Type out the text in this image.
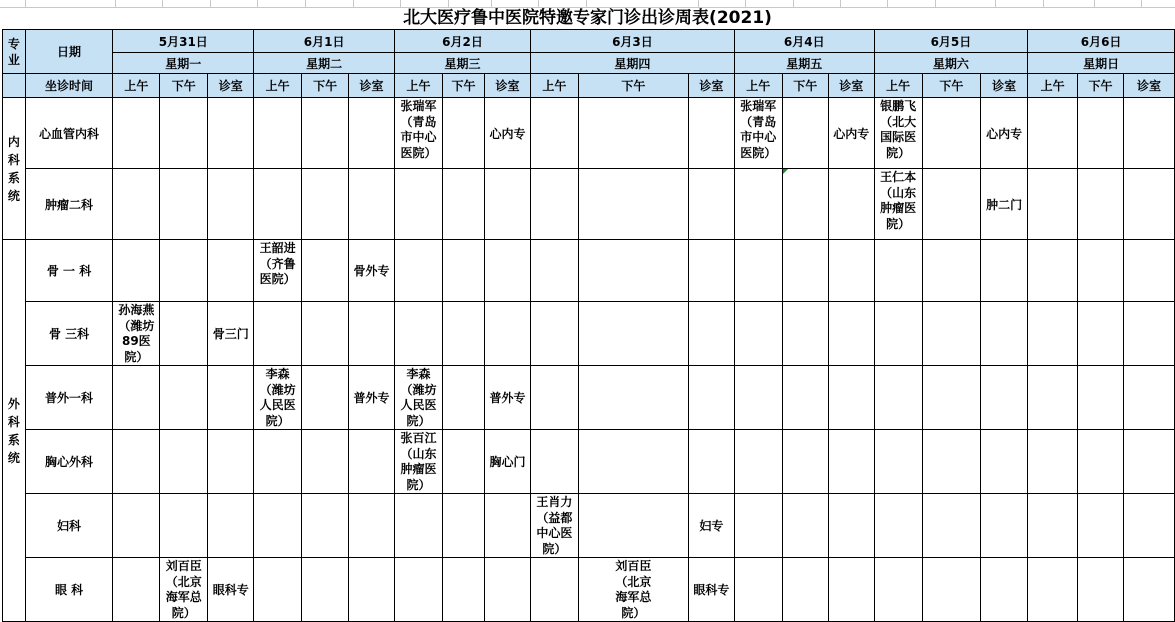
北大医疗鲁中医院特邀专家门诊出诊周表(2021)
专
业	日期	5月31日			6月1日			6月2日			6月3日			6月4日			6月5日			6月6日		
		星期一			星期二			星期三			星期四			星期五			星期六			星期日		
	坐诊时间	上午	下午	诊室	上午	下午	诊室	上午	下午	诊室	上午	下午	诊室	上午	下午	诊室	上午	下午	诊室	上午	下午	诊室
内
科
系
统	心血管内科							张瑞军（青岛市中心医院）		心内专				张瑞军（青岛市中心医院）		心内专	银鹏飞（北大国际医院）		心内专			
	肿瘤二科																王仁本（山东肿瘤医院）		肿二门			
外
科
系
统	骨 一 科				王韶进（齐鲁医院）		骨外专															
	骨 三科	孙海燕（潍坊89医院）		骨三门																		
	普外一科				李森（潍坊人民医院）		普外专	李森（潍坊人民医院）		普外专												
	胸心外科							张百江（山东肿瘤医院）		胸心门												
	妇科										王肖力（益都中心医院）		妇专									
	眼 科		刘百臣（北京海军总院）	眼科专								刘百臣（北京海军总院）	眼科专									
